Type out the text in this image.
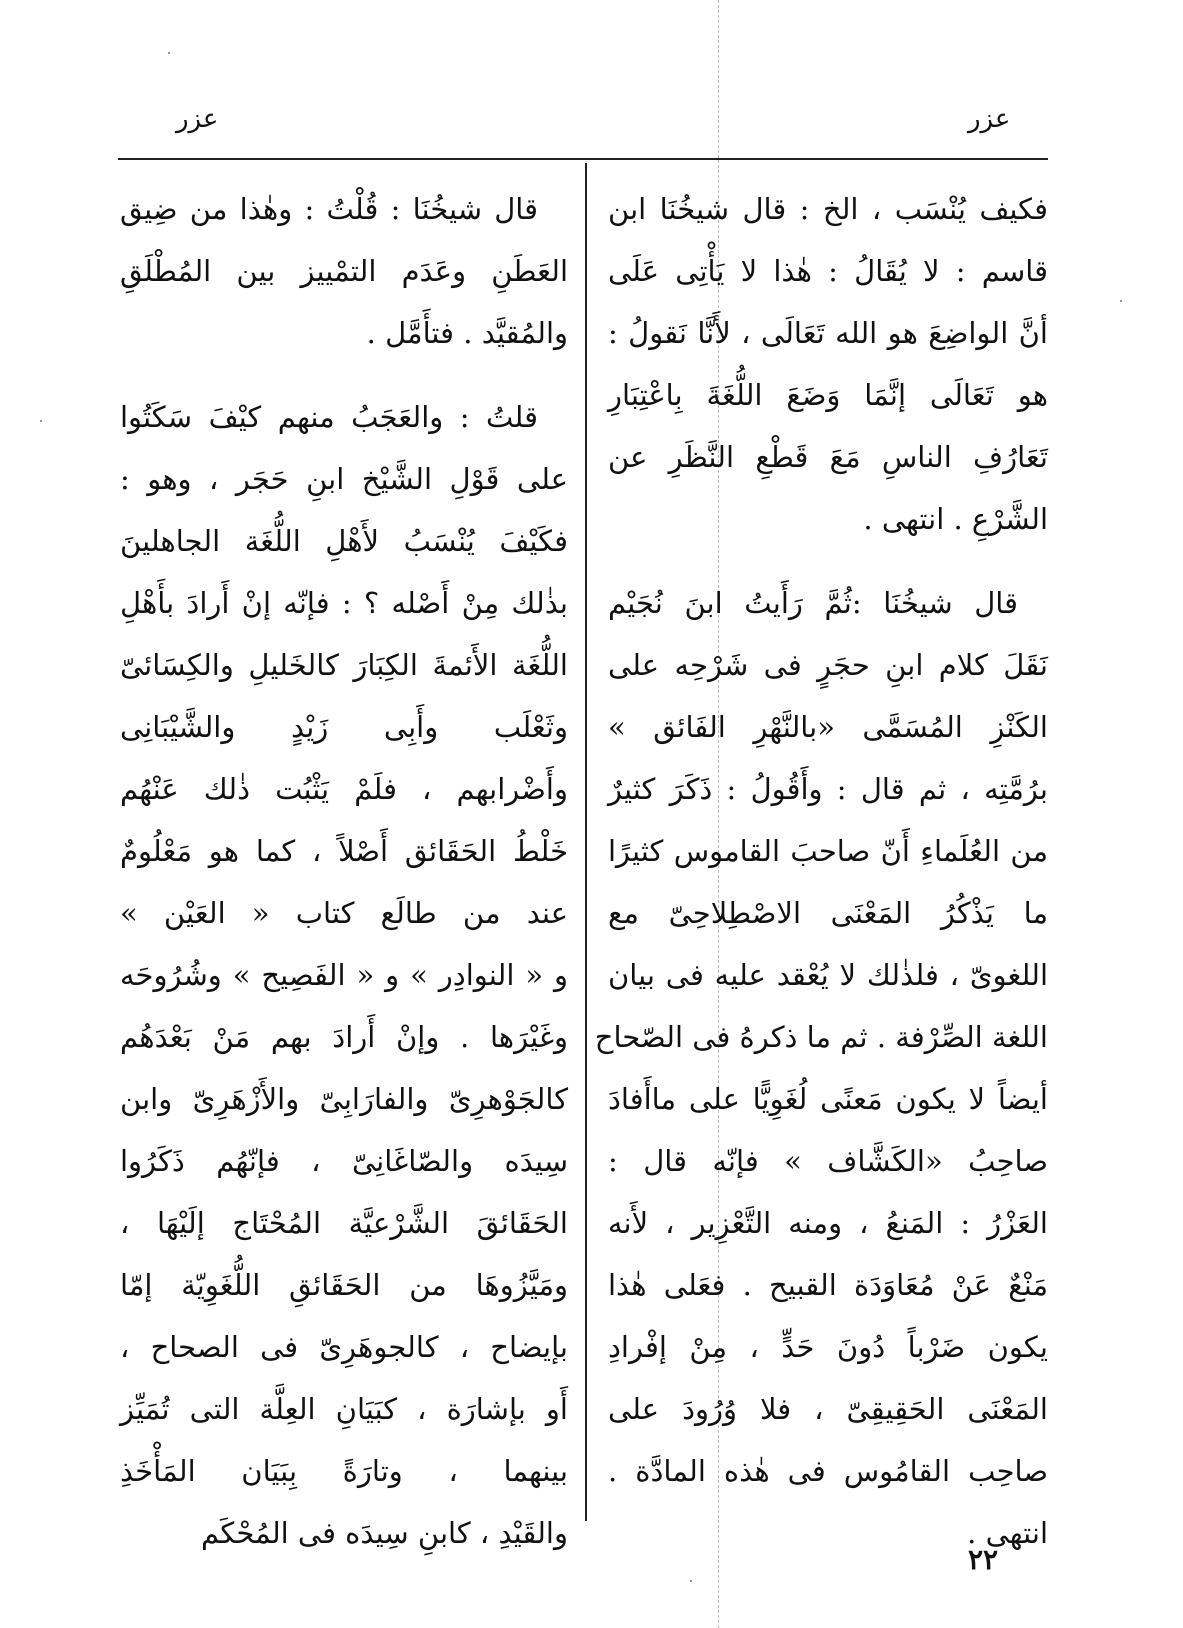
عزر	عزر
فكيف يُنْسَب ، الخ : قال شيخُنَا ابن
قاسم : لا يُقَالُ : هٰذا لا يَأْتِى عَلَى
أنَّ الواضِعَ هو الله تَعَالَى ، لأَنَّا نَقولُ :
هو تَعَالَى إنَّمَا وَضَعَ اللُّغَةَ بِاعْتِبَارِ
تَعَارُفِ الناسِ مَعَ قَطْعِ النَّظَرِ عن
الشَّرْعِ . انتهى .
قال شيخُنَا :ثُمَّ رَأَيتُ ابنَ نُجَيْم
نَقَلَ كلام ابنِ حجَرٍ فى شَرْحِه على
الكَنْزِ المُسَمَّى «بالنَّهْرِ الفَائق »
برُمَّتِه ، ثم قال : وأَقُولُ : ذَكَرَ كثيرٌ
من العُلَماءِ أَنّ صاحبَ القاموس كثيرًا
ما يَذْكُرُ المَعْنَى الاصْطِلاحِىّ مع
اللغوىّ ، فلذٰلك لا يُعْقد عليه فى بيان
اللغة الصِّرْفة . ثم ما ذكرهُ فى الصّحاح
أيضاً لا يكون مَعنًى لُغَوِيًّا على ماأَفادَ
صاحِبُ «الكَشَّاف » فإنّه قال :
العَزْرُ : المَنعُ ، ومنه التَّعْزِير ، لأَنه
مَنْعٌ عَنْ مُعَاوَدَة القبيح . فعَلى هٰذا
يكون ضَرْباً دُونَ حَدٍّ ، مِنْ إفْرادِ
المَعْنَى الحَقِيقِىّ ، فلا وُرُودَ على
صاحِب القامُوس فى هٰذه المادَّة .
انتهى .
قال شيخُنَا : قُلْتُ : وهٰذا من ضِيق
العَطَنِ وعَدَم التمْييز بين المُطْلَقِ
والمُقيَّد . فتأَمَّل .
قلتُ : والعَجَبُ منهم كيْفَ سَكَتُوا
على قَوْلِ الشَّيْخ ابنِ حَجَر ، وهو :
فكَيْفَ يُنْسَبُ لأَهْلِ اللُّغَة الجاهلينَ
بذٰلك مِنْ أَصْله ؟ : فإنّه إنْ أَرادَ بأَهْلِ
اللُّغَة الأَئمةَ الكِبَارَ كالخَليلِ والكِسَائىّ
وثَعْلَب وأَبِى زَيْدٍ والشَّيْبَانِى
وأَضْرابهم ، فلَمْ يَثْبُت ذٰلك عَنْهُم
خَلْطُ الحَقَائق أَصْلاً ، كما هو مَعْلُومٌ
عند من طالَع كتاب « العَيْن »
و « النوادِر » و « الفَصِيح » وشُرُوحَه
وغَيْرَها . وإنْ أَرادَ بهم مَنْ بَعْدَهُم
كالجَوْهرِىّ والفارَابِىّ والأَزْهَرِىّ وابن
سِيدَه والصّاغَانِىّ ، فإنّهُم ذَكَرُوا
الحَقَائقَ الشَّرْعيَّة المُحْتَاج إلَيْهَا ،
ومَيَّزُوهَا من الحَقَائقِ اللُّغَوِيّة إمّا
بإيضاح ، كالجوهَرِىّ فى الصحاح ،
أَو بإشارَة ، كبَيَانِ العِلَّة التى تُمَيِّز
بينهما ، وتارَةً بِبَيَان المَأْخَذِ
والقَيْدِ ، كابنِ سِيدَه فى المُحْكَم
٢٢
